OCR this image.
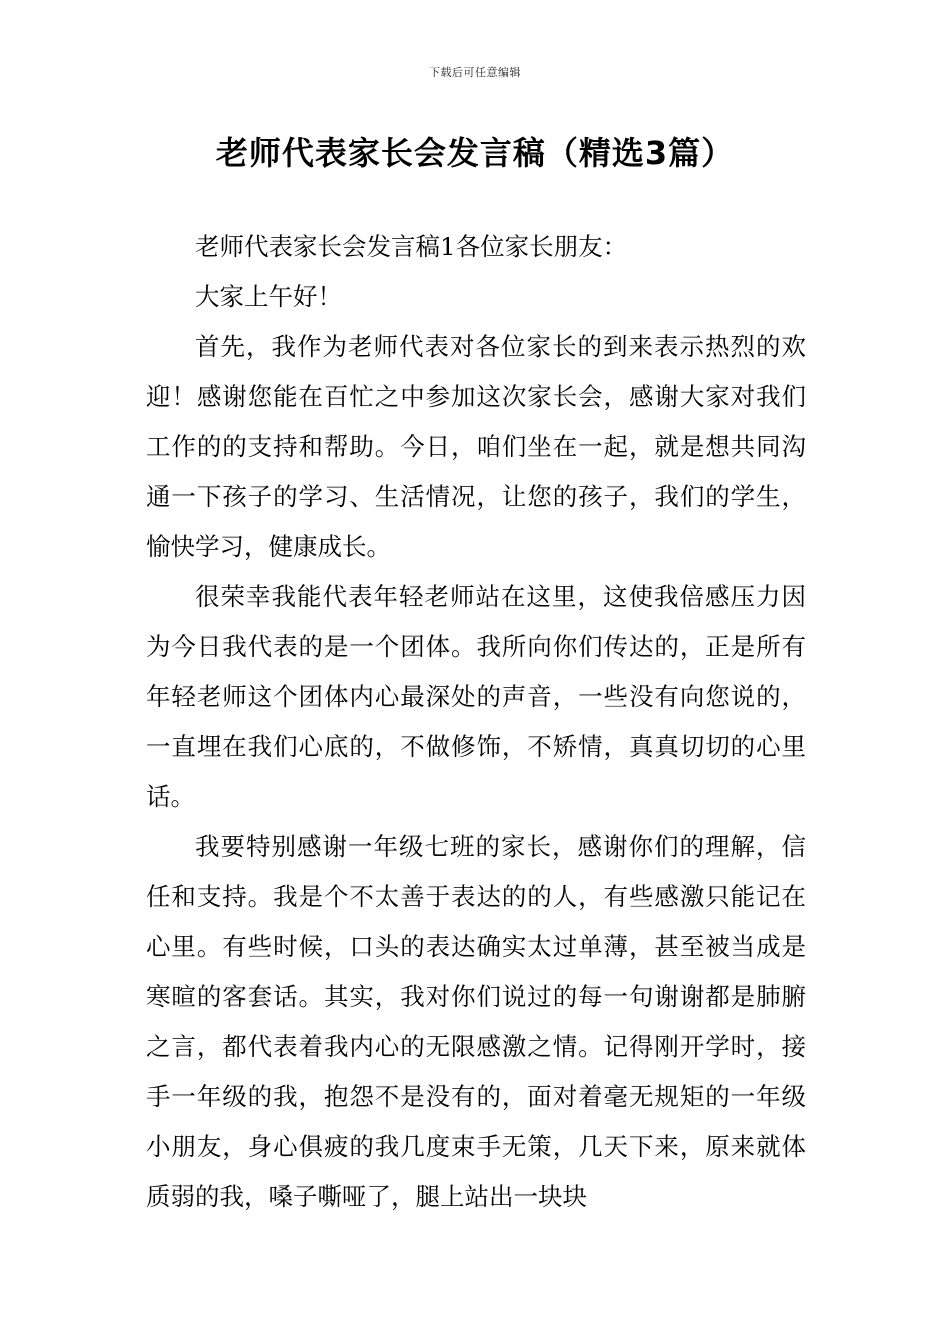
下载后可任意编辑
老师代表家长会发言稿（精选3篇）

老师代表家长会发言稿1各位家长朋友：

大家上午好！

首先，我作为老师代表对各位家长的到来表示热烈的欢迎！感谢您能在百忙之中参加这次家长会，感谢大家对我们工作的的支持和帮助。今日，咱们坐在一起，就是想共同沟通一下孩子的学习、生活情况，让您的孩子，我们的学生，愉快学习，健康成长。

很荣幸我能代表年轻老师站在这里，这使我倍感压力因为今日我代表的是一个团体。我所向你们传达的，正是所有年轻老师这个团体内心最深处的声音，一些没有向您说的，一直埋在我们心底的，不做修饰，不矫情，真真切切的心里话。

我要特别感谢一年级七班的家长，感谢你们的理解，信任和支持。我是个不太善于表达的的人，有些感激只能记在心里。有些时候，口头的表达确实太过单薄，甚至被当成是寒暄的客套话。其实，我对你们说过的每一句谢谢都是肺腑之言，都代表着我内心的无限感激之情。记得刚开学时，接手一年级的我，抱怨不是没有的，面对着毫无规矩的一年级小朋友，身心俱疲的我几度束手无策，几天下来，原来就体质弱的我，嗓子嘶哑了，腿上站出一块块
